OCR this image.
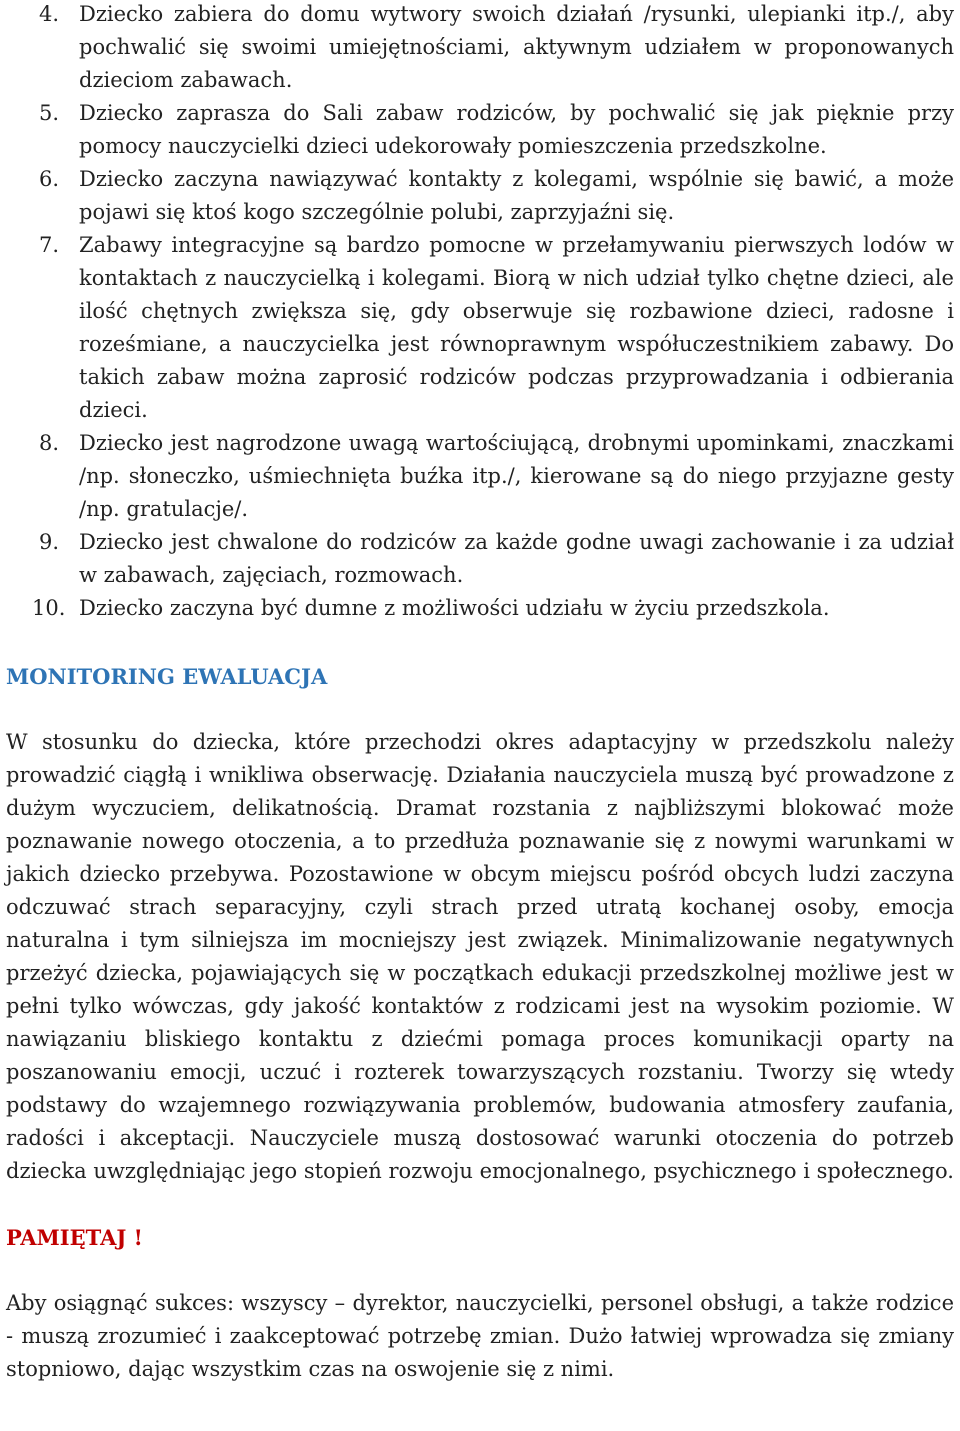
4. Dziecko zabiera do domu wytwory swoich działań /rysunki, ulepianki itp./, aby pochwalić się swoimi umiejętnościami, aktywnym udziałem w proponowanych dzieciom zabawach.
5. Dziecko zaprasza do Sali zabaw rodziców, by pochwalić się jak pięknie przy pomocy nauczycielki dzieci udekorowały pomieszczenia przedszkolne.
6. Dziecko zaczyna nawiązywać kontakty z kolegami, wspólnie się bawić, a może pojawi się ktoś kogo szczególnie polubi, zaprzyjaźni się.
7. Zabawy integracyjne są bardzo pomocne w przełamywaniu pierwszych lodów w kontaktach z nauczycielką i kolegami. Biorą w nich udział tylko chętne dzieci, ale ilość chętnych zwiększa się, gdy obserwuje się rozbawione dzieci, radosne i roześmiane, a nauczycielka jest równoprawnym współuczestnikiem zabawy. Do takich zabaw można zaprosić rodziców podczas przyprowadzania i odbierania dzieci.
8. Dziecko jest nagrodzone uwagą wartościującą, drobnymi upominkami, znaczkami /np. słoneczko, uśmiechnięta buźka itp./, kierowane są do niego przyjazne gesty /np. gratulacje/.
9. Dziecko jest chwalone do rodziców za każde godne uwagi zachowanie i za udział w zabawach, zajęciach, rozmowach.
10. Dziecko zaczyna być dumne z możliwości udziału w życiu przedszkola.
MONITORING EWALUACJA

W stosunku do dziecka, które przechodzi okres adaptacyjny w przedszkolu należy prowadzić ciągłą i wnikliwa obserwację. Działania nauczyciela muszą być prowadzone z dużym wyczuciem, delikatnością. Dramat rozstania z najbliższymi blokować może poznawanie nowego otoczenia, a to przedłuża poznawanie się z nowymi warunkami w jakich dziecko przebywa. Pozostawione w obcym miejscu pośród obcych ludzi zaczyna odczuwać strach separacyjny, czyli strach przed utratą kochanej osoby, emocja naturalna i tym silniejsza im mocniejszy jest związek. Minimalizowanie negatywnych przeżyć dziecka, pojawiających się w początkach edukacji przedszkolnej możliwe jest w pełni tylko wówczas, gdy jakość kontaktów z rodzicami jest na wysokim poziomie. W nawiązaniu bliskiego kontaktu z dziećmi pomaga proces komunikacji oparty na poszanowaniu emocji, uczuć i rozterek towarzyszących rozstaniu. Tworzy się wtedy podstawy do wzajemnego rozwiązywania problemów, budowania atmosfery zaufania, radości i akceptacji. Nauczyciele muszą dostosować warunki otoczenia do potrzeb dziecka uwzględniając jego stopień rozwoju emocjonalnego, psychicznego i społecznego.

PAMIĘTAJ !

Aby osiągnąć sukces: wszyscy – dyrektor, nauczycielki, personel obsługi, a także rodzice - muszą zrozumieć i zaakceptować potrzebę zmian. Dużo łatwiej wprowadza się zmiany stopniowo, dając wszystkim czas na oswojenie się z nimi.
